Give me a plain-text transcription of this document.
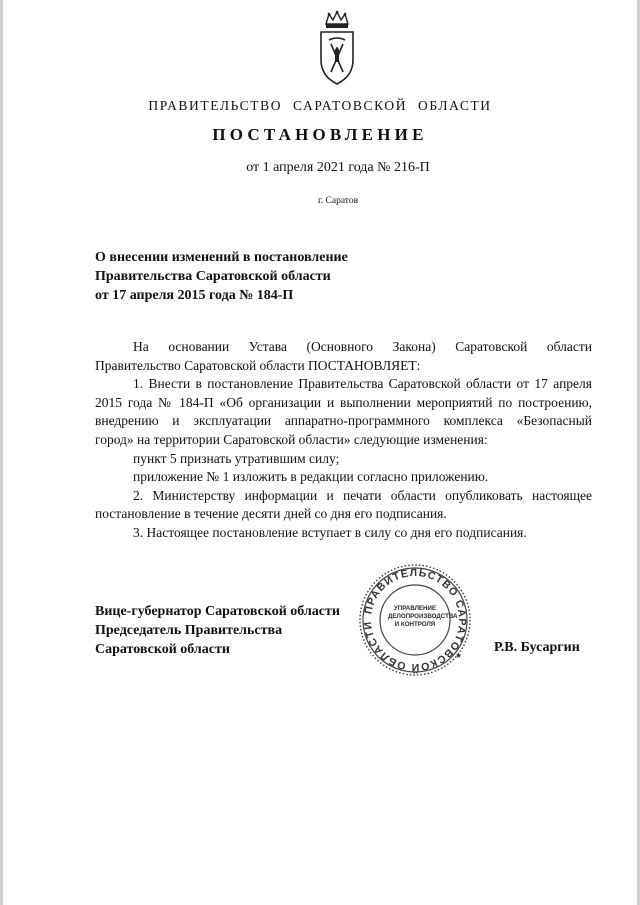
ПРАВИТЕЛЬСТВО САРАТОВСКОЙ ОБЛАСТИ
ПОСТАНОВЛЕНИЕ
от 1 апреля 2021 года № 216-П
г. Саратов
О внесении изменений в постановление
Правительства Саратовской области
от 17 апреля 2015 года № 184-П
На основании Устава (Основного Закона) Саратовской области
Правительство Саратовской области ПОСТАНОВЛЯЕТ:
1. Внести в постановление Правительства Саратовской области от 17 апреля
2015 года № 184-П «Об организации и выполнении мероприятий по построению,
внедрению и эксплуатации аппаратно-программного комплекса «Безопасный
город» на территории Саратовской области» следующие изменения:
пункт 5 признать утратившим силу;
приложение № 1 изложить в редакции согласно приложению.
2. Министерству информации и печати области опубликовать настоящее
постановление в течение десяти дней со дня его подписания.
3. Настоящее постановление вступает в силу со дня его подписания.
Вице-губернатор Саратовской области
Председатель Правительства
Саратовской области	Р.В. Бусаргин
ПРАВИТЕЛЬСТВО САРАТОВСКОЙ ОБЛАСТИ
★
УПРАВЛЕНИЕ
ДЕЛОПРОИЗВОДСТВА
И КОНТРОЛЯ
